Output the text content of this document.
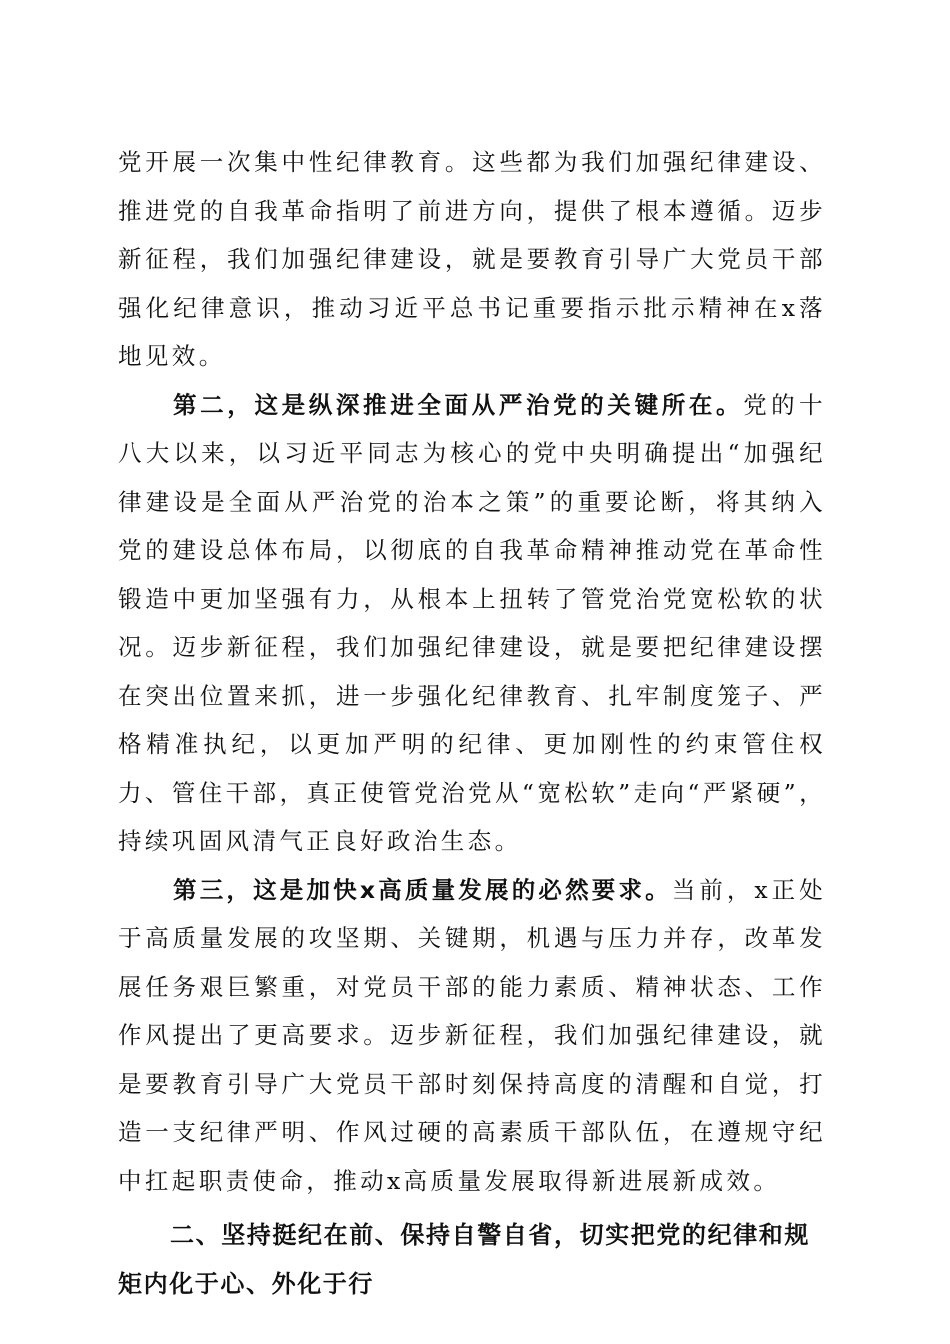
党开展一次集中性纪律教育。这些都为我们加强纪律建设、推进党的自我革命指明了前进方向，提供了根本遵循。迈步新征程，我们加强纪律建设，就是要教育引导广大党员干部强化纪律意识，推动习近平总书记重要指示批示精神在x落地见效。

第二，这是纵深推进全面从严治党的关键所在。党的十八大以来，以习近平同志为核心的党中央明确提出“加强纪律建设是全面从严治党的治本之策”的重要论断，将其纳入党的建设总体布局，以彻底的自我革命精神推动党在革命性锻造中更加坚强有力，从根本上扭转了管党治党宽松软的状况。迈步新征程，我们加强纪律建设，就是要把纪律建设摆在突出位置来抓，进一步强化纪律教育、扎牢制度笼子、严格精准执纪，以更加严明的纪律、更加刚性的约束管住权力、管住干部，真正使管党治党从“宽松软”走向“严紧硬”，持续巩固风清气正良好政治生态。

第三，这是加快x高质量发展的必然要求。当前，x正处于高质量发展的攻坚期、关键期，机遇与压力并存，改革发展任务艰巨繁重，对党员干部的能力素质、精神状态、工作作风提出了更高要求。迈步新征程，我们加强纪律建设，就是要教育引导广大党员干部时刻保持高度的清醒和自觉，打造一支纪律严明、作风过硬的高素质干部队伍，在遵规守纪中扛起职责使命，推动x高质量发展取得新进展新成效。

二、坚持挺纪在前、保持自警自省，切实把党的纪律和规矩内化于心、外化于行
